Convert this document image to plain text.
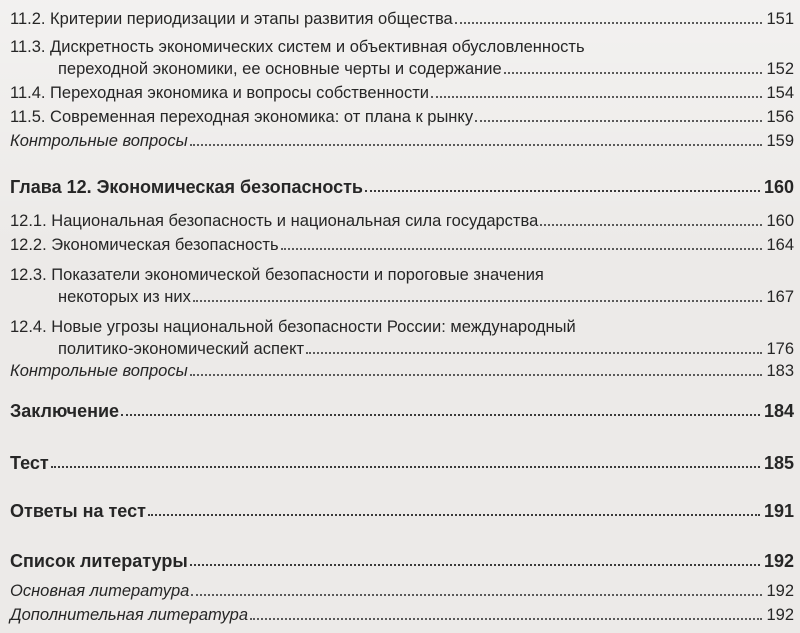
11.2. Критерии периодизации и этапы развития общества	151
11.3. Дискретность экономических систем и объективная обусловленность
переходной экономики, ее основные черты и содержание	152
11.4. Переходная экономика и вопросы собственности	154
11.5. Современная переходная экономика: от плана к рынку	156
Контрольные вопросы	159
Глава 12. Экономическая безопасность	160
12.1. Национальная безопасность и национальная сила государства	160
12.2. Экономическая безопасность	164
12.3. Показатели экономической безопасности и пороговые значения
некоторых из них	167
12.4. Новые угрозы национальной безопасности России: международный
политико-экономический аспект	176
Контрольные вопросы	183
Заключение	184
Тест	185
Ответы на тест	191
Список литературы	192
Основная литература	192
Дополнительная литература	192
